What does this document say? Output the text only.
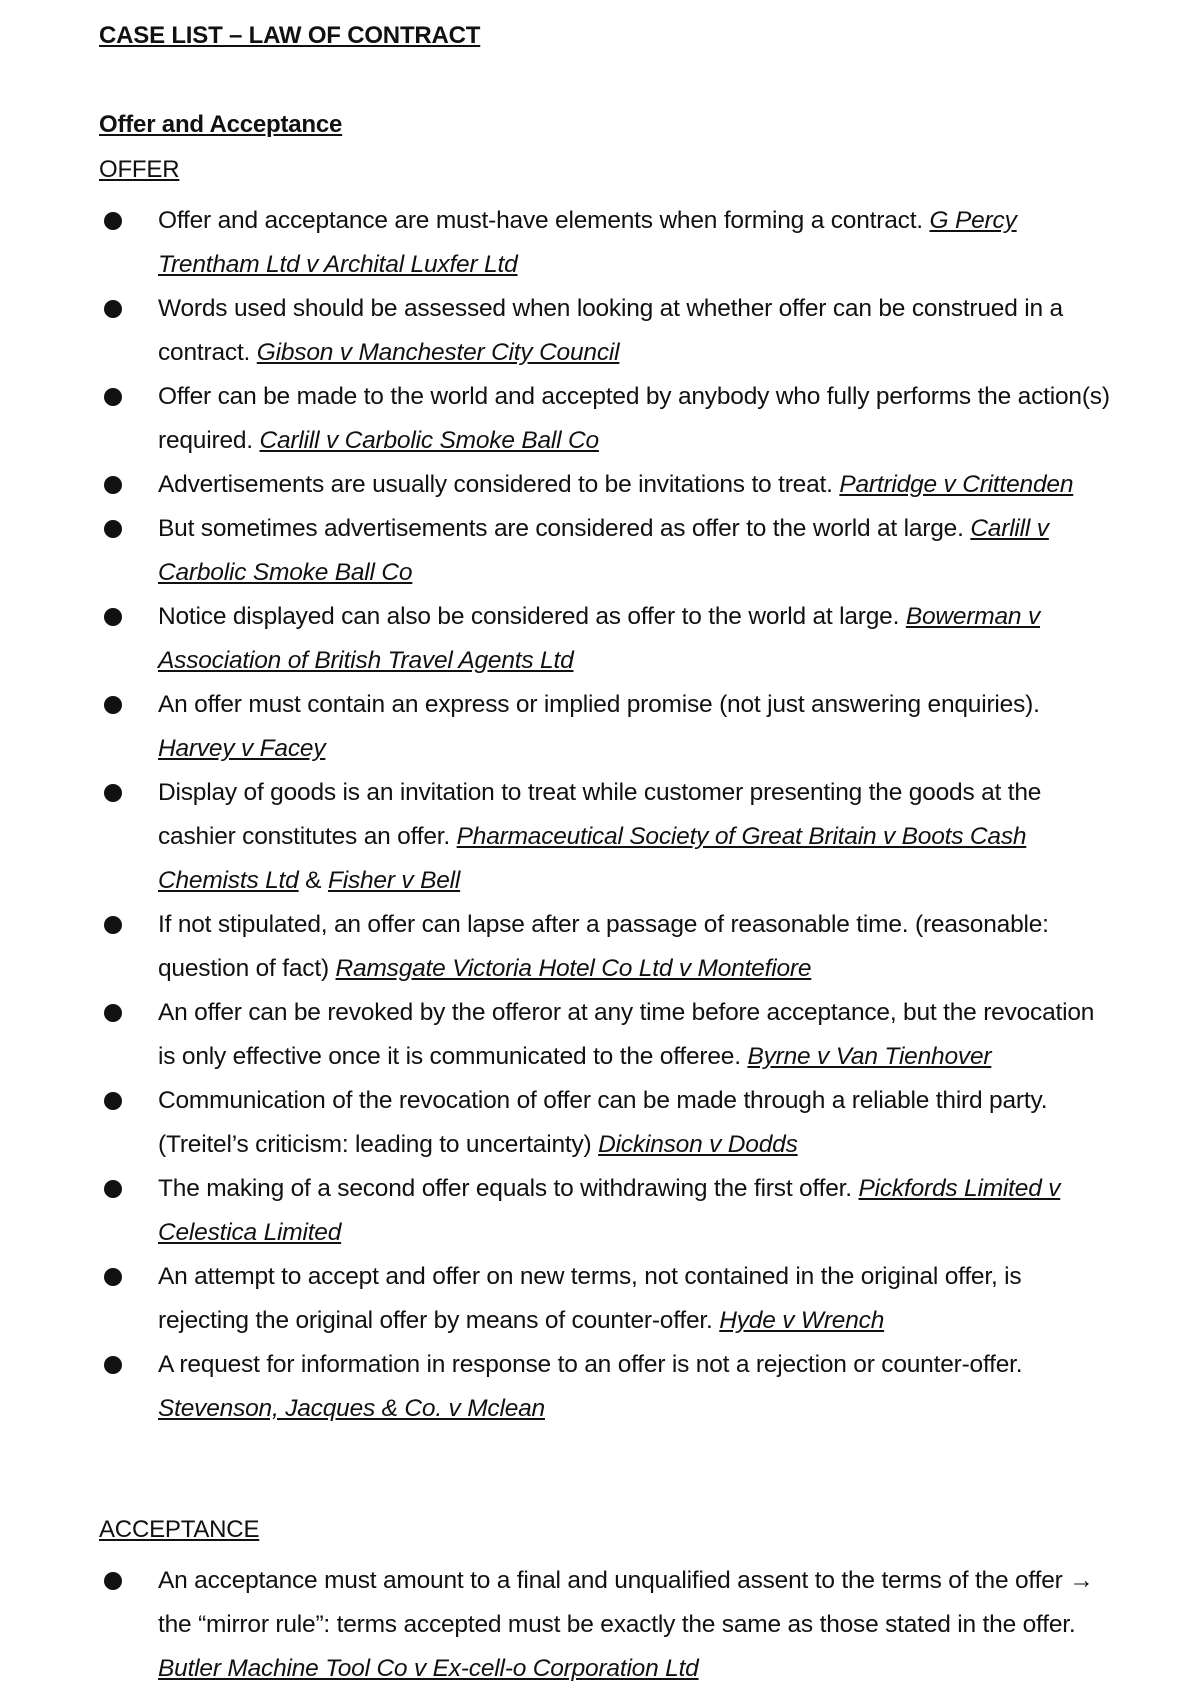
CASE LIST – LAW OF CONTRACT
Offer and Acceptance
OFFER
Offer and acceptance are must-have elements when forming a contract. G Percy Trentham Ltd v Archital Luxfer Ltd
Words used should be assessed when looking at whether offer can be construed in a contract. Gibson v Manchester City Council
Offer can be made to the world and accepted by anybody who fully performs the action(s) required. Carlill v Carbolic Smoke Ball Co
Advertisements are usually considered to be invitations to treat. Partridge v Crittenden
But sometimes advertisements are considered as offer to the world at large. Carlill v Carbolic Smoke Ball Co
Notice displayed can also be considered as offer to the world at large. Bowerman v Association of British Travel Agents Ltd
An offer must contain an express or implied promise (not just answering enquiries). Harvey v Facey
Display of goods is an invitation to treat while customer presenting the goods at the cashier constitutes an offer. Pharmaceutical Society of Great Britain v Boots Cash Chemists Ltd & Fisher v Bell
If not stipulated, an offer can lapse after a passage of reasonable time. (reasonable: question of fact) Ramsgate Victoria Hotel Co Ltd v Montefiore
An offer can be revoked by the offeror at any time before acceptance, but the revocation is only effective once it is communicated to the offeree. Byrne v Van Tienhover
Communication of the revocation of offer can be made through a reliable third party. (Treitel’s criticism: leading to uncertainty) Dickinson v Dodds
The making of a second offer equals to withdrawing the first offer. Pickfords Limited v Celestica Limited
An attempt to accept and offer on new terms, not contained in the original offer, is rejecting the original offer by means of counter-offer. Hyde v Wrench
A request for information in response to an offer is not a rejection or counter-offer. Stevenson, Jacques & Co. v Mclean
ACCEPTANCE
An acceptance must amount to a final and unqualified assent to the terms of the offer → the “mirror rule”: terms accepted must be exactly the same as those stated in the offer. Butler Machine Tool Co v Ex-cell-o Corporation Ltd
